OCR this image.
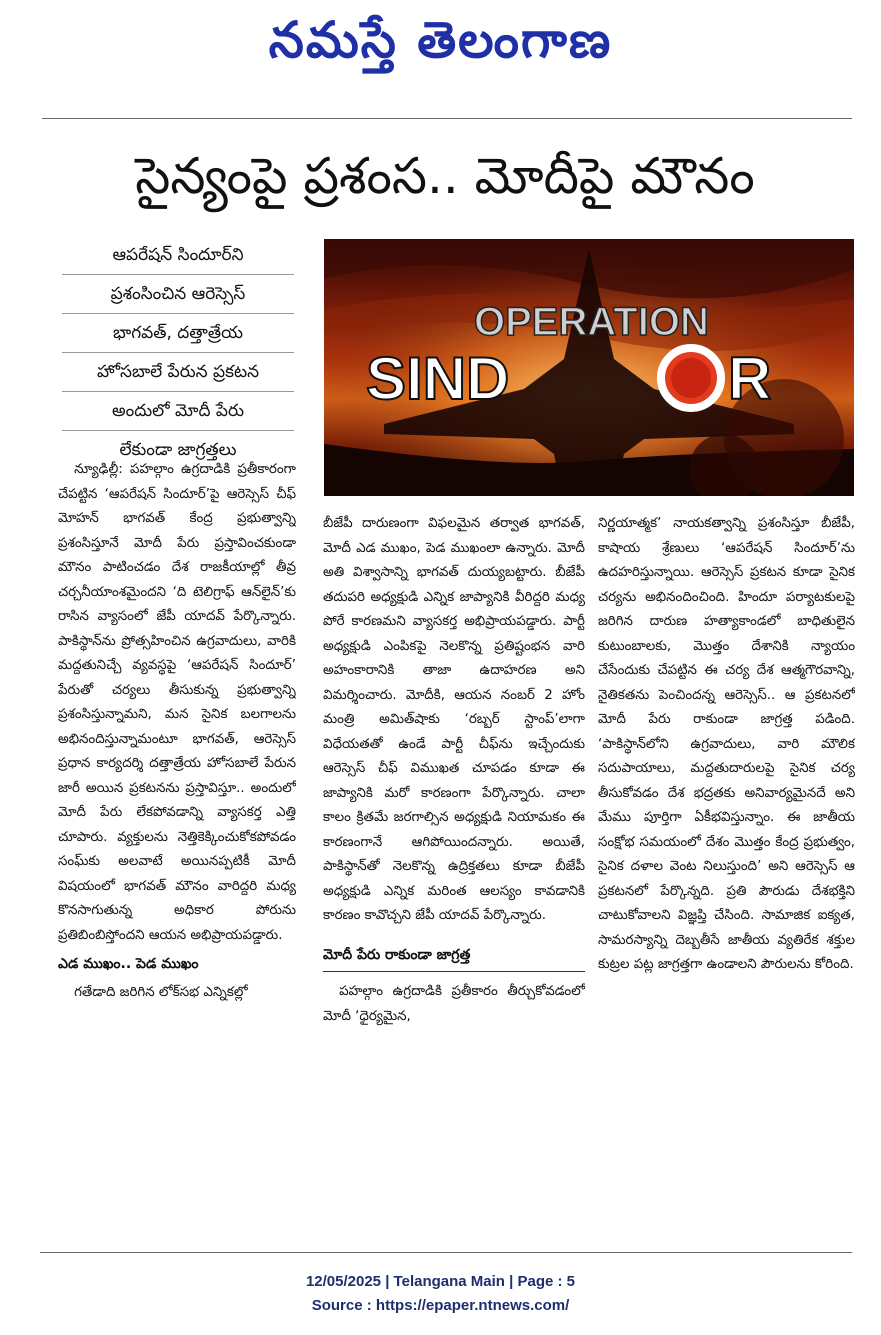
నమస్తే తెలంగాణ
సైన్యంపై ప్రశంస.. మోదీపై మౌనం
ఆపరేషన్ సిందూర్‌ని
ప్రశంసించిన ఆరెస్సెస్
భాగవత్, దత్తాత్రేయ
హోసబాలే పేరున ప్రకటన
అందులో మోదీ పేరు
లేకుండా జాగ్రత్తలు
OPERATION
SIND	R

న్యూఢిల్లీ: పహల్గాం ఉగ్రదాడికి ప్రతీకారంగా చేపట్టిన ‘ఆపరేషన్ సిందూర్’పై ఆరెస్సెస్ చీఫ్ మోహన్ భాగవత్ కేంద్ర ప్రభుత్వాన్ని ప్రశంసిస్తూనే మోదీ పేరు ప్రస్తావించకుండా మౌనం పాటించడం దేశ రాజకీయాల్లో తీవ్ర చర్చనీయాంశమైందని ‘ది టెలిగ్రాఫ్ ఆన్‌లైన్’కు రాసిన వ్యాసంలో జేపీ యాదవ్ పేర్కొన్నారు. పాకిస్థాన్‌ను ప్రోత్సహించిన ఉగ్రవాదులు, వారికి మద్దతునిచ్చే వ్యవస్థపై ‘ఆపరేషన్ సిందూర్’ పేరుతో చర్యలు తీసుకున్న ప్రభుత్వాన్ని ప్రశంసిస్తున్నామని, మన సైనిక బలగాలను అభినందిస్తున్నామంటూ భాగవత్, ఆరెస్సెస్ ప్రధాన కార్యదర్శి దత్తాత్రేయ హోసబాలే పేరున జారీ అయిన ప్రకటనను ప్రస్తావిస్తూ.. అందులో మోదీ పేరు లేకపోవడాన్ని వ్యాసకర్త ఎత్తి చూపారు. వ్యక్తులను నెత్తికెక్కించుకోకపోవడం సంఘ్‌కు అలవాటే అయినప్పటికీ మోదీ విషయంలో భాగవత్ మౌనం వారిద్దరి మధ్య కొనసాగుతున్న అధికార పోరును ప్రతిబింబిస్తోందని ఆయన అభిప్రాయపడ్డారు.

ఎడ ముఖం.. పెడ ముఖం

గతేడాది జరిగిన లోక్‌సభ ఎన్నికల్లో

బీజేపీ దారుణంగా విఫలమైన తర్వాత భాగవత్, మోదీ ఎడ ముఖం, పెడ ముఖంలా ఉన్నారు. మోదీ అతి విశ్వాసాన్ని భాగవత్ దుయ్యబట్టారు. బీజేపీ తదుపరి అధ్యక్షుడి ఎన్నిక జాప్యానికి వీరిద్దరి మధ్య పోరే కారణమని వ్యాసకర్త అభిప్రాయపడ్డారు. పార్టీ అధ్యక్షుడి ఎంపికపై నెలకొన్న ప్రతిష్టంభన వారి అహంకారానికి తాజా ఉదాహరణ అని విమర్శించారు. మోదీకి, ఆయన నంబర్ 2 హోం మంత్రి అమిత్‌షాకు ‘రబ్బర్ స్టాంప్’లాగా విధేయతతో ఉండే పార్టీ చీఫ్‌ను ఇచ్చేందుకు ఆరెస్సెస్ చీఫ్ విముఖత చూపడం కూడా ఈ జాప్యానికి మరో కారణంగా పేర్కొన్నారు. చాలా కాలం క్రితమే జరగాల్సిన అధ్యక్షుడి నియామకం ఈ కారణంగానే ఆగిపోయిందన్నారు. అయితే, పాకిస్థాన్‌తో నెలకొన్న ఉద్రిక్తతలు కూడా బీజేపీ అధ్యక్షుడి ఎన్నిక మరింత ఆలస్యం కావడానికి కారణం కావొచ్చని జేపీ యాదవ్ పేర్కొన్నారు.

మోదీ పేరు రాకుండా జాగ్రత్త

పహల్గాం ఉగ్రదాడికి ప్రతీకారం తీర్చుకోవడంలో మోదీ ‘ధైర్యమైన,

నిర్ణయాత్మక’ నాయకత్వాన్ని ప్రశంసిస్తూ బీజేపీ, కాషాయ శ్రేణులు ‘ఆపరేషన్ సిందూర్’ను ఉదహరిస్తున్నాయి. ఆరెస్సెస్ ప్రకటన కూడా సైనిక చర్యను అభినందించింది. హిందూ పర్యాటకులపై జరిగిన దారుణ హత్యాకాండలో బాధితులైన కుటుంబాలకు, మొత్తం దేశానికి న్యాయం చేసేందుకు చేపట్టిన ఈ చర్య దేశ ఆత్మగౌరవాన్ని, నైతికతను పెంచిందన్న ఆరెస్సెస్.. ఆ ప్రకటనలో మోదీ పేరు రాకుండా జాగ్రత్త పడింది. ‘పాకిస్థాన్‌లోని ఉగ్రవాదులు, వారి మౌలిక సదుపాయాలు, మద్దతుదారులపై సైనిక చర్య తీసుకోవడం దేశ భద్రతకు అనివార్యమైనదే అని మేము పూర్తిగా ఏకీభవిస్తున్నాం. ఈ జాతీయ సంక్షోభ సమయంలో దేశం మొత్తం కేంద్ర ప్రభుత్వం, సైనిక దళాల వెంట నిలుస్తుంది’ అని ఆరెస్సెస్ ఆ ప్రకటనలో పేర్కొన్నది. ప్రతి పౌరుడు దేశభక్తిని చాటుకోవాలని విజ్ఞప్తి చేసింది. సామాజిక ఐక్యత, సామరస్యాన్ని దెబ్బతీసే జాతీయ వ్యతిరేక శక్తుల కుట్రల పట్ల జాగ్రత్తగా ఉండాలని పౌరులను కోరింది.

12/05/2025 | Telangana Main | Page : 5
Source : https://epaper.ntnews.com/
